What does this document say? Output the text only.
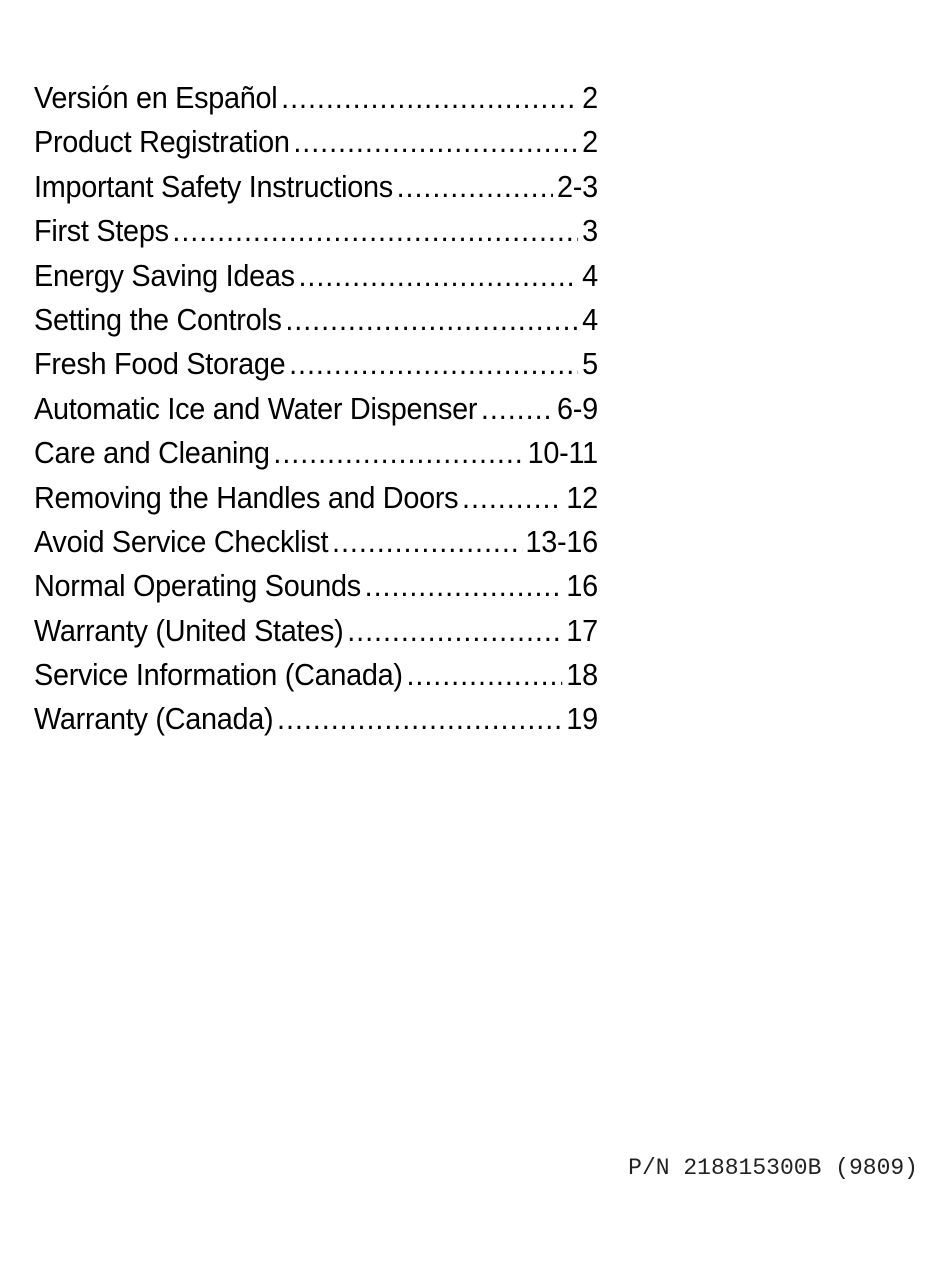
Versión en Español .....	2
Product Registration .....	2
Important Safety Instructions .....	2-3
First Steps .....	3
Energy Saving Ideas .....	4
Setting the Controls .....	4
Fresh Food Storage .....	5
Automatic Ice and Water Dispenser .....	6-9
Care and Cleaning .....	10-11
Removing the Handles and Doors .....	12
Avoid Service Checklist .....	13-16
Normal Operating Sounds .....	16
Warranty (United States) .....	17
Service Information (Canada) .....	18
Warranty (Canada) .....	19
P/N 218815300B (9809)
